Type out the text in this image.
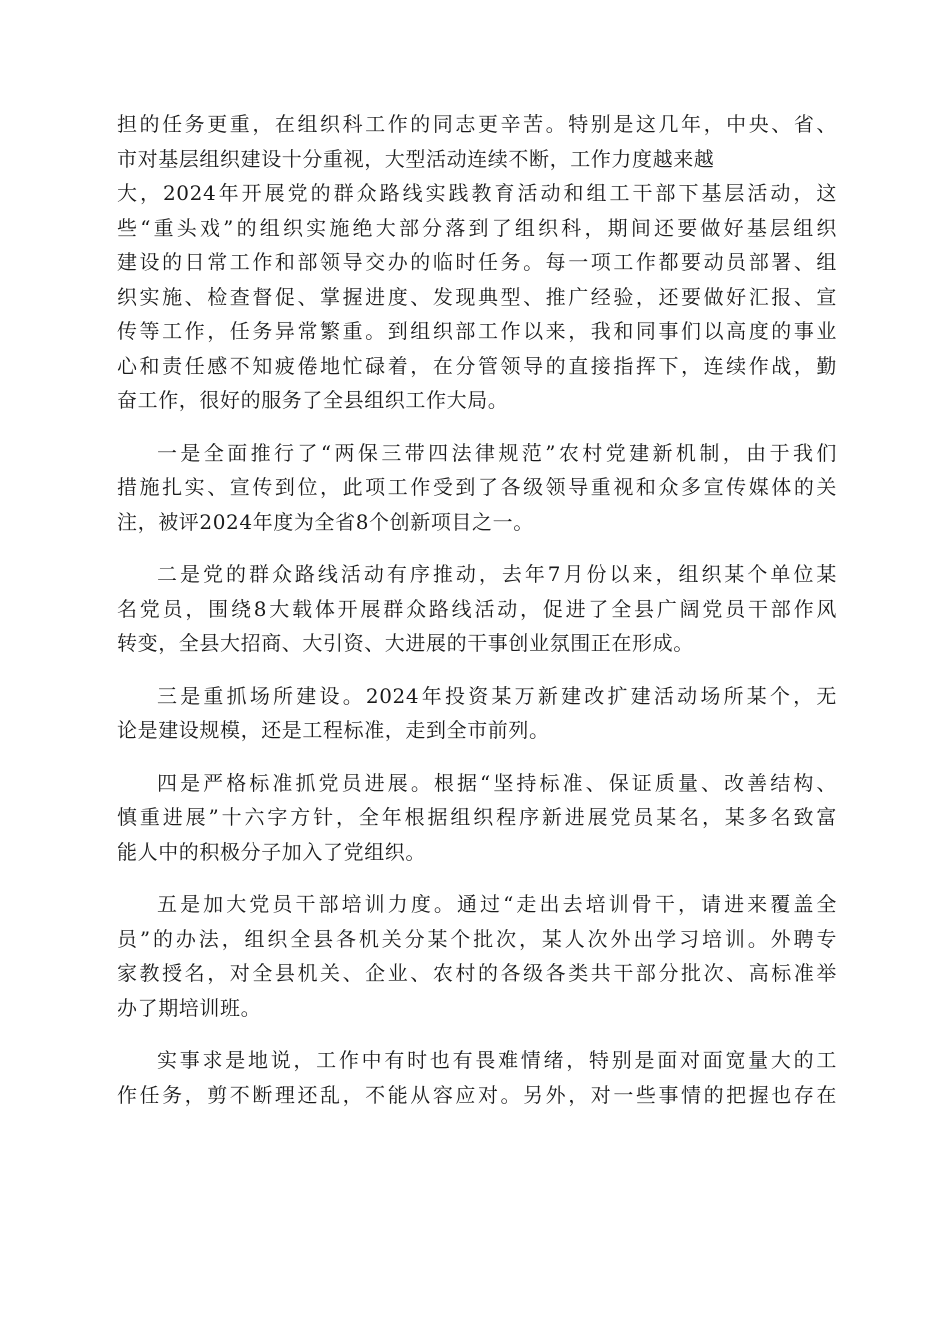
担的任务更重，在组织科工作的同志更辛苦。特别是这几年，中央、省、
市对基层组织建设十分重视，大型活动连续不断，工作力度越来越
大，2024年开展党的群众路线实践教育活动和组工干部下基层活动，这
些“重头戏”的组织实施绝大部分落到了组织科，期间还要做好基层组织
建设的日常工作和部领导交办的临时任务。每一项工作都要动员部署、组
织实施、检查督促、掌握进度、发现典型、推广经验，还要做好汇报、宣
传等工作，任务异常繁重。到组织部工作以来，我和同事们以高度的事业
心和责任感不知疲倦地忙碌着，在分管领导的直接指挥下，连续作战，勤
奋工作，很好的服务了全县组织工作大局。
一是全面推行了“两保三带四法律规范”农村党建新机制，由于我们
措施扎实、宣传到位，此项工作受到了各级领导重视和众多宣传媒体的关
注，被评2024年度为全省8个创新项目之一。
二是党的群众路线活动有序推动，去年7月份以来，组织某个单位某
名党员，围绕8大载体开展群众路线活动，促进了全县广阔党员干部作风
转变，全县大招商、大引资、大进展的干事创业氛围正在形成。
三是重抓场所建设。2024年投资某万新建改扩建活动场所某个，无
论是建设规模，还是工程标准，走到全市前列。
四是严格标准抓党员进展。根据“坚持标准、保证质量、改善结构、
慎重进展”十六字方针，全年根据组织程序新进展党员某名，某多名致富
能人中的积极分子加入了党组织。
五是加大党员干部培训力度。通过“走出去培训骨干，请进来覆盖全
员”的办法，组织全县各机关分某个批次，某人次外出学习培训。外聘专
家教授名，对全县机关、企业、农村的各级各类共干部分批次、高标准举
办了期培训班。
实事求是地说，工作中有时也有畏难情绪，特别是面对面宽量大的工
作任务，剪不断理还乱，不能从容应对。另外，对一些事情的把握也存在
